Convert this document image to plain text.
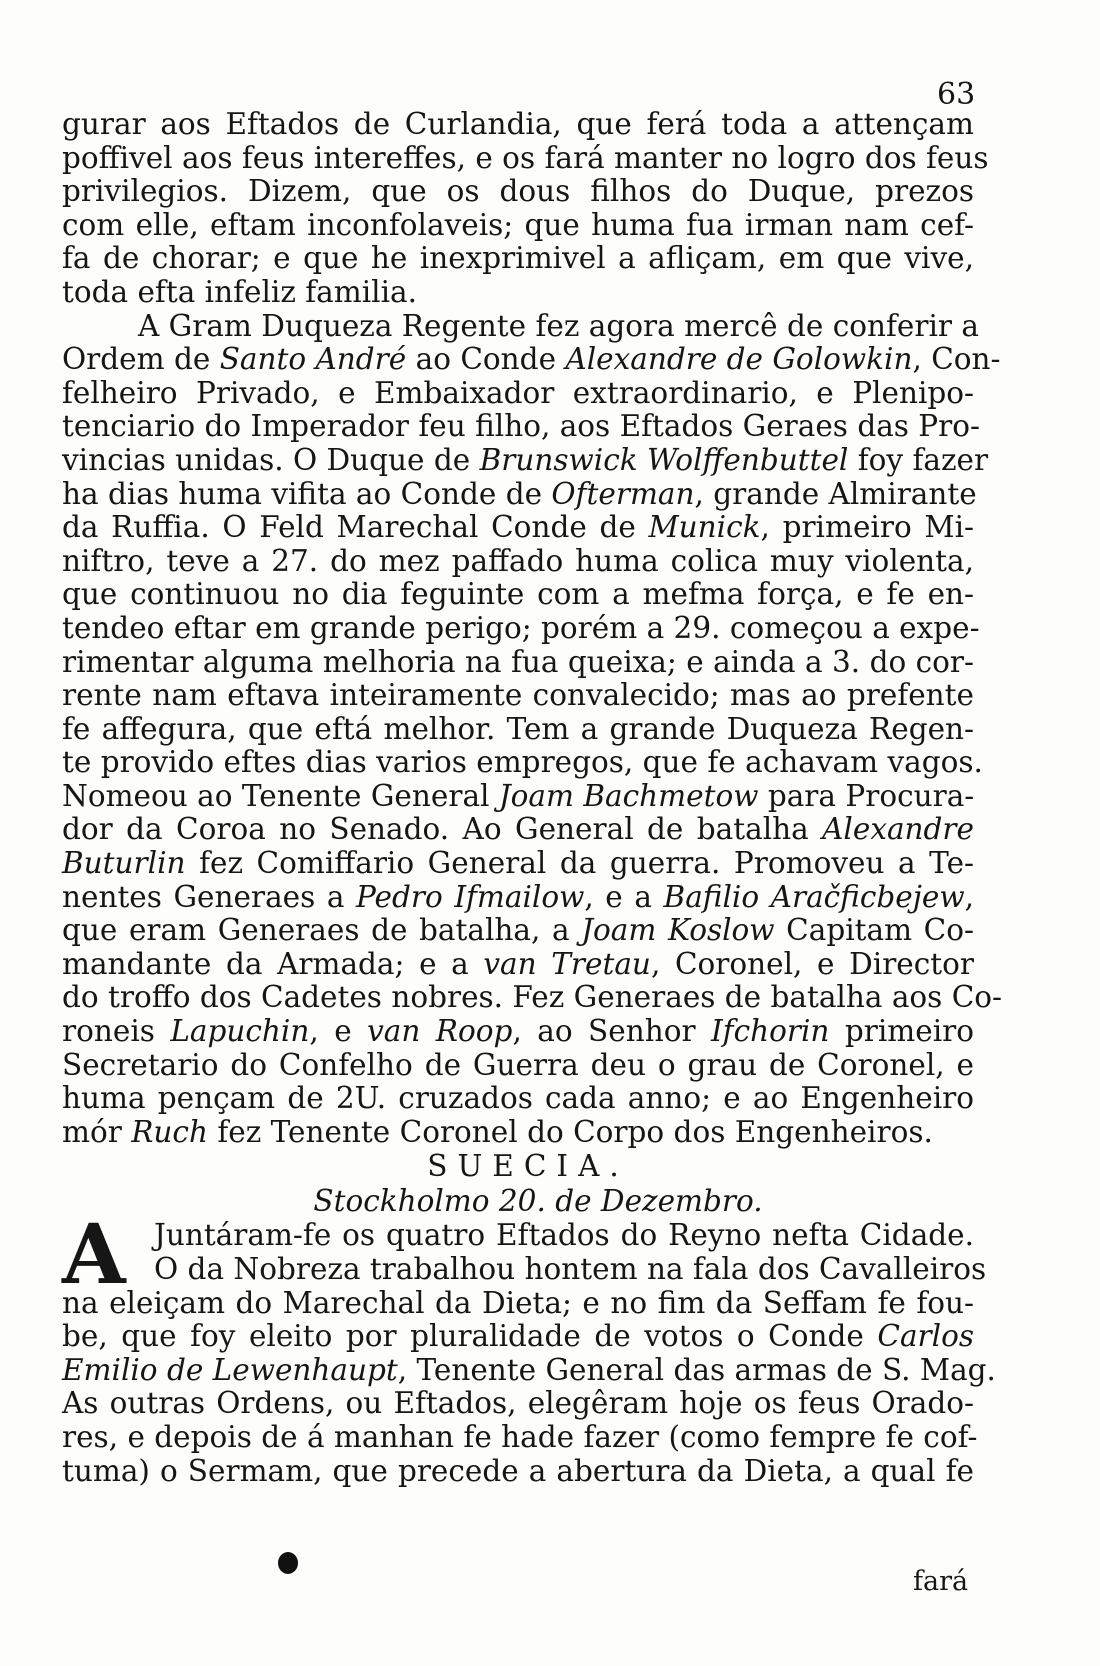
63
gurar aos Eftados de Curlandia, que ferá toda a attençam
poffivel aos feus intereffes, e os fará manter no logro dos feus
privilegios. Dizem, que os dous filhos do Duque, prezos
com elle, eftam inconfolaveis; que huma fua irman nam cef-
fa de chorar; e que he inexprimivel a afliçam, em que vive,
toda efta infeliz familia.
A Gram Duqueza Regente fez agora mercê de conferir a
Ordem de Santo André ao Conde Alexandre de Golowkin, Con-
felheiro Privado, e Embaixador extraordinario, e Plenipo-
tenciario do Imperador feu filho, aos Eftados Geraes das Pro-
vincias unidas. O Duque de Brunswick Wolffenbuttel foy fazer
ha dias huma vifita ao Conde de Ofterman, grande Almirante
da Ruffia. O Feld Marechal Conde de Munick, primeiro Mi-
niftro, teve a 27. do mez paffado huma colica muy violenta,
que continuou no dia feguinte com a mefma força, e fe en-
tendeo eftar em grande perigo; porém a 29. começou a expe-
rimentar alguma melhoria na fua queixa; e ainda a 3. do cor-
rente nam eftava inteiramente convalecido; mas ao prefente
fe affegura, que eftá melhor. Tem a grande Duqueza Regen-
te provido eftes dias varios empregos, que fe achavam vagos.
Nomeou ao Tenente General Joam Bachmetow para Procura-
dor da Coroa no Senado. Ao General de batalha Alexandre
Buturlin fez Comiffario General da guerra. Promoveu a Te-
nentes Generaes a Pedro Ifmailow, e a Bafilio Aračficbejew,
que eram Generaes de batalha, a Joam Koslow Capitam Co-
mandante da Armada; e a van Tretau, Coronel, e Director
do troffo dos Cadetes nobres. Fez Generaes de batalha aos Co-
roneis Lapuchin, e van Roop, ao Senhor Ifchorin primeiro
Secretario do Confelho de Guerra deu o grau de Coronel, e
huma pençam de 2U. cruzados cada anno; e ao Engenheiro
mór Ruch fez Tenente Coronel do Corpo dos Engenheiros.
SUECIA.
Stockholmo 20. de Dezembro.
A Juntáram-fe os quatro Eftados do Reyno nefta Cidade.
O da Nobreza trabalhou hontem na fala dos Cavalleiros
na eleiçam do Marechal da Dieta; e no fim da Seffam fe fou-
be, que foy eleito por pluralidade de votos o Conde Carlos
Emilio de Lewenhaupt, Tenente General das armas de S. Mag.
As outras Ordens, ou Eftados, elegêram hoje os feus Orado-
res, e depois de á manhan fe hade fazer (como fempre fe cof-
tuma) o Sermam, que precede a abertura da Dieta, a qual fe
fará
